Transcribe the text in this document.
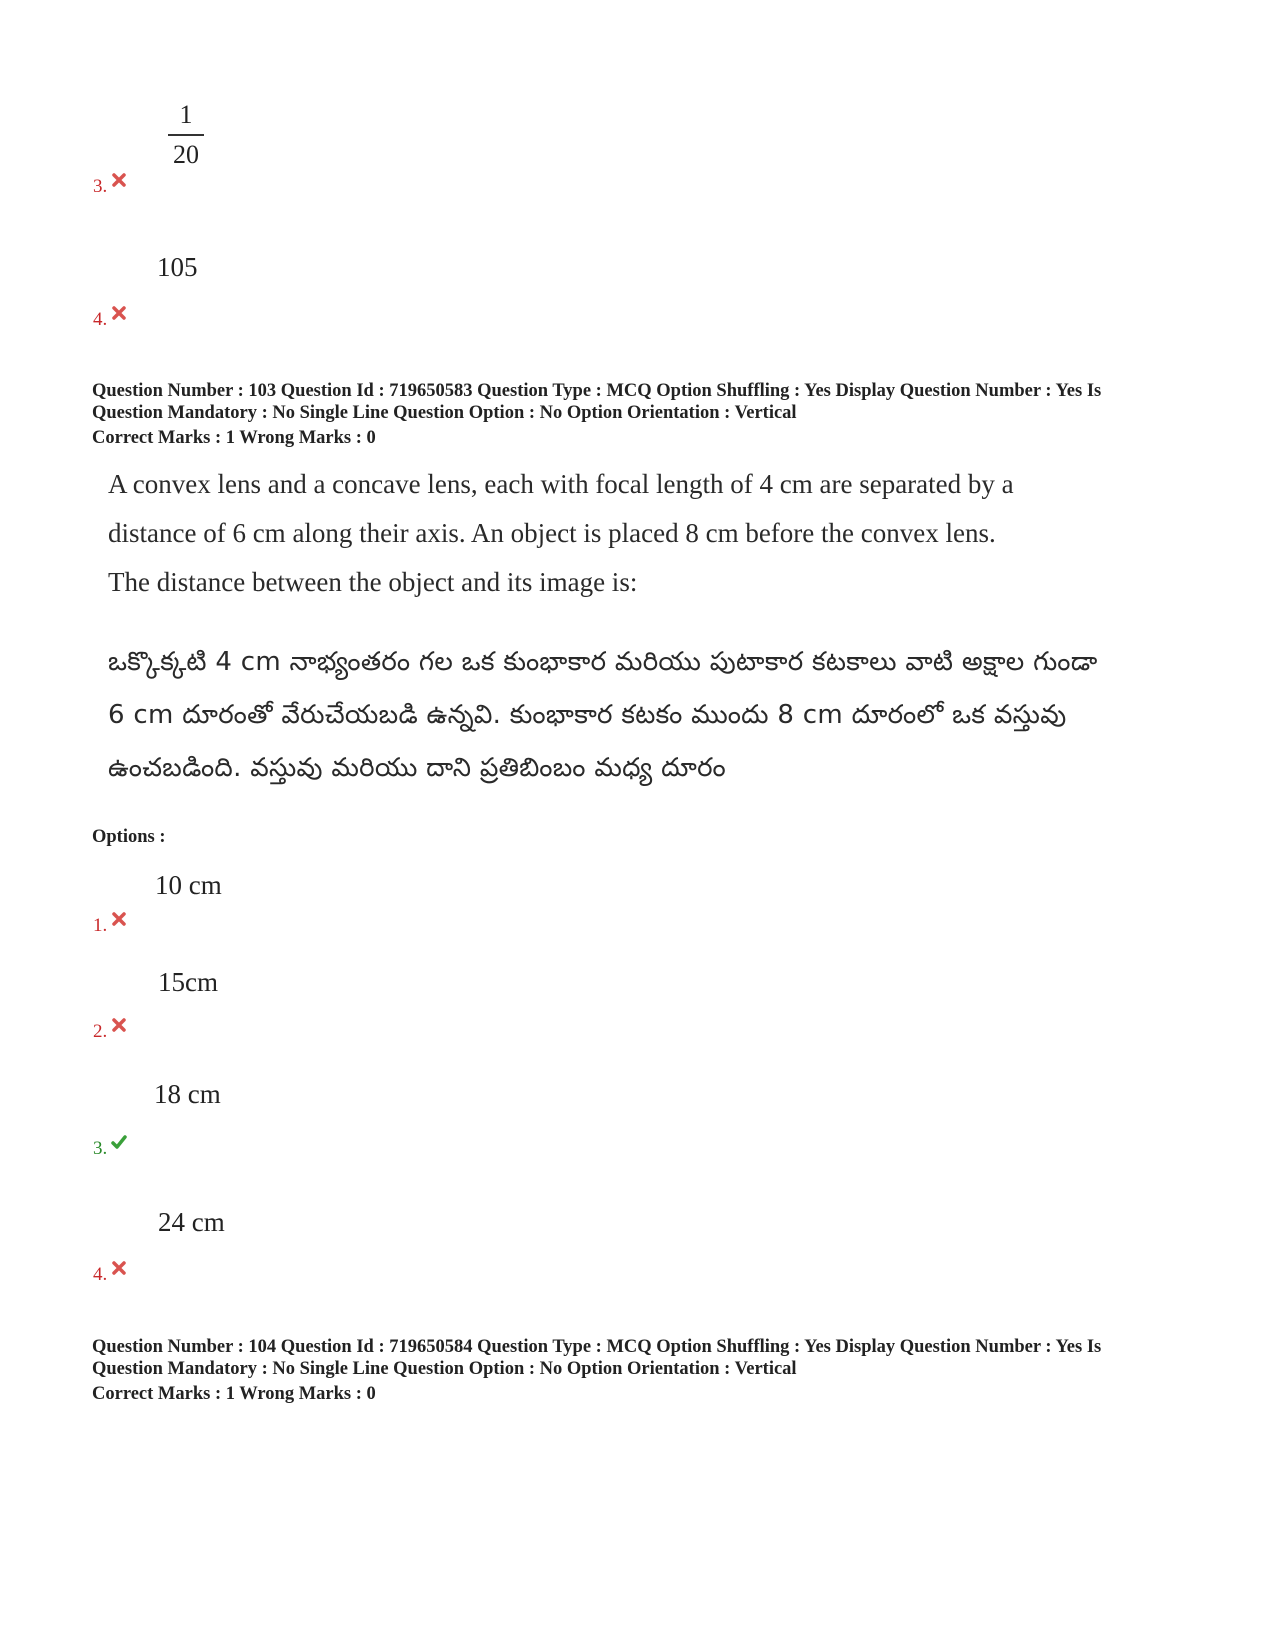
1
20
3.
105
4.
Question Number : 103 Question Id : 719650583 Question Type : MCQ Option Shuffling : Yes Display Question Number : Yes Is
Question Mandatory : No Single Line Question Option : No Option Orientation : Vertical
Correct Marks : 1 Wrong Marks : 0
A convex lens and a concave lens, each with focal length of 4 cm are separated by a
distance of 6 cm along their axis. An object is placed 8 cm before the convex lens.
The distance between the object and its image is:
ఒక్కొక్కటి 4 cm నాభ్యంతరం గల ఒక కుంభాకార మరియు పుటాకార కటకాలు వాటి అక్షాల గుండా
6 cm దూరంతో వేరుచేయబడి ఉన్నవి. కుంభాకార కటకం ముందు 8 cm దూరంలో ఒక వస్తువు
ఉంచబడింది. వస్తువు మరియు దాని ప్రతిబింబం మధ్య దూరం
Options :
10 cm
1.
15cm
2.
18 cm
3.
24 cm
4.
Question Number : 104 Question Id : 719650584 Question Type : MCQ Option Shuffling : Yes Display Question Number : Yes Is
Question Mandatory : No Single Line Question Option : No Option Orientation : Vertical
Correct Marks : 1 Wrong Marks : 0
